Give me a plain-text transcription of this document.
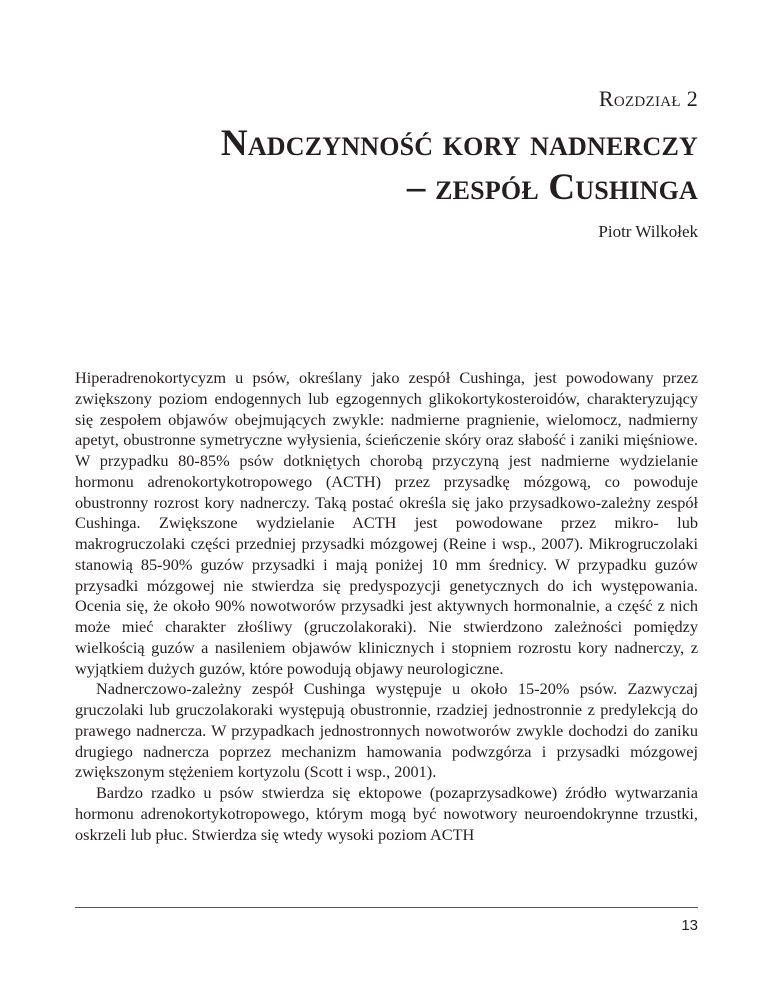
Rozdział 2
Nadczynność kory nadnerczy
– zespół Cushinga

Piotr Wilkołek

Hiperadrenokortycyzm u psów, określany jako zespół Cushinga, jest powodowany przez zwiększony poziom endogennych lub egzogennych glikokortykosteroidów, charakteryzujący się zespołem objawów obejmujących zwykle: nadmierne pragnienie, wielomocz, nadmierny apetyt, obustronne symetryczne wyłysienia, ścieńczenie skóry oraz słabość i zaniki mięśniowe. W przypadku 80-85% psów dotkniętych chorobą przyczyną jest nadmierne wydzielanie hormonu adrenokortykotropowego (ACTH) przez przysadkę mózgową, co powoduje obustronny rozrost kory nadnerczy. Taką postać określa się jako przysadkowo-zależny zespół Cushinga. Zwiększone wydzielanie ACTH jest powodowane przez mikro- lub makrogruczolaki części przedniej przysadki mózgowej (Reine i wsp., 2007). Mikrogruczolaki stanowią 85-90% guzów przysadki i mają poniżej 10 mm średnicy. W przypadku guzów przysadki mózgowej nie stwierdza się predyspozycji genetycznych do ich występowania. Ocenia się, że około 90% nowotworów przysadki jest aktywnych hormonalnie, a część z nich może mieć charakter złośliwy (gruczolakoraki). Nie stwierdzono zależności pomiędzy wielkością guzów a nasileniem objawów klinicznych i stopniem rozrostu kory nadnerczy, z wyjątkiem dużych guzów, które powodują objawy neurologiczne.

Nadnerczowo-zależny zespół Cushinga występuje u około 15-20% psów. Zazwyczaj gruczolaki lub gruczolakoraki występują obustronnie, rzadziej jednostronnie z predylekcją do prawego nadnercza. W przypadkach jednostronnych nowotworów zwykle dochodzi do zaniku drugiego nadnercza poprzez mechanizm hamowania podwzgórza i przysadki mózgowej zwiększonym stężeniem kortyzolu (Scott i wsp., 2001).

Bardzo rzadko u psów stwierdza się ektopowe (pozaprzysadkowe) źródło wytwarzania hormonu adrenokortykotropowego, którym mogą być nowotwory neuroendokrynne trzustki, oskrzeli lub płuc. Stwierdza się wtedy wysoki poziom ACTH

13
